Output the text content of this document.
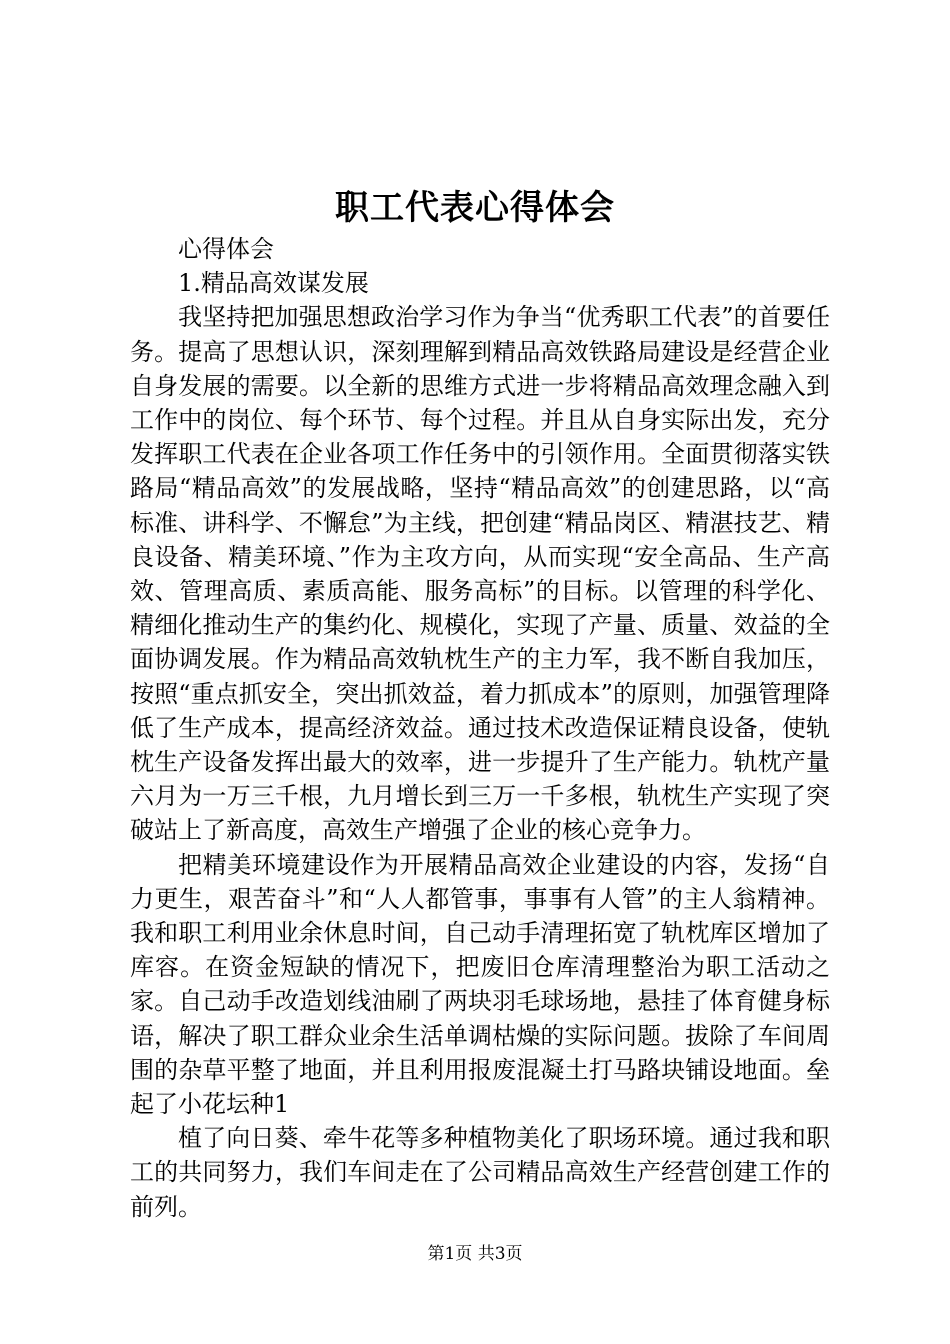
职工代表心得体会
心得体会
1.精品高效谋发展

我坚持把加强思想政治学习作为争当“优秀职工代表”的首要任务。提高了思想认识，深刻理解到精品高效铁路局建设是经营企业自身发展的需要。以全新的思维方式进一步将精品高效理念融入到工作中的岗位、每个环节、每个过程。并且从自身实际出发，充分发挥职工代表在企业各项工作任务中的引领作用。全面贯彻落实铁路局“精品高效”的发展战略，坚持“精品高效”的创建思路，以“高标准、讲科学、不懈怠”为主线，把创建“精品岗区、精湛技艺、精良设备、精美环境、”作为主攻方向，从而实现“安全高品、生产高效、管理高质、素质高能、服务高标”的目标。以管理的科学化、精细化推动生产的集约化、规模化，实现了产量、质量、效益的全面协调发展。作为精品高效轨枕生产的主力军，我不断自我加压，按照“重点抓安全，突出抓效益，着力抓成本”的原则，加强管理降低了生产成本，提高经济效益。通过技术改造保证精良设备，使轨枕生产设备发挥出最大的效率，进一步提升了生产能力。轨枕产量六月为一万三千根，九月增长到三万一千多根，轨枕生产实现了突破站上了新高度，高效生产增强了企业的核心竞争力。

把精美环境建设作为开展精品高效企业建设的内容，发扬“自力更生，艰苦奋斗”和“人人都管事，事事有人管”的主人翁精神。我和职工利用业余休息时间，自己动手清理拓宽了轨枕库区增加了库容。在资金短缺的情况下，把废旧仓库清理整治为职工活动之家。自己动手改造划线油刷了两块羽毛球场地，悬挂了体育健身标语，解决了职工群众业余生活单调枯燥的实际问题。拔除了车间周围的杂草平整了地面，并且利用报废混凝土打马路块铺设地面。垒起了小花坛种1

植了向日葵、牵牛花等多种植物美化了职场环境。通过我和职工的共同努力，我们车间走在了公司精品高效生产经营创建工作的前列。

第1页 共3页
